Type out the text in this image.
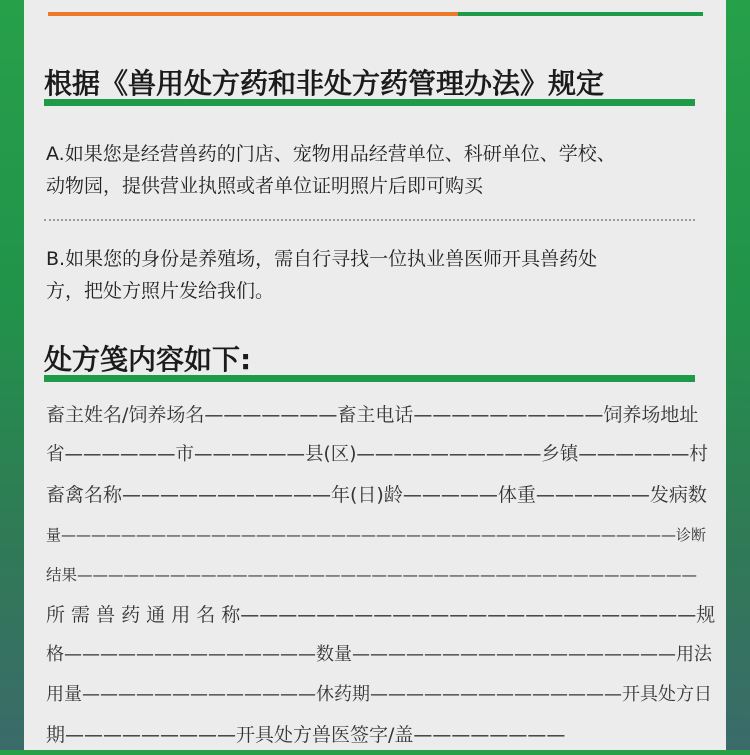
根据《兽用处方药和非处方药管理办法》规定
A.如果您是经营兽药的门店、宠物用品经营单位、科研单位、学校、
动物园，提供营业执照或者单位证明照片后即可购买
B.如果您的身份是养殖场，需自行寻找一位执业兽医师开具兽药处
方，把处方照片发给我们。
处方笺内容如下:
畜主姓名/饲养场名———————畜主电话——————————饲养场地址
省——————市——————县(区)——————————乡镇——————村
畜禽名称———————————年(日)龄—————体重——————发病数
量—————————————————————————————————————————诊断
结果————————————————————————————————————————
所 需 兽 药 通 用 名 称————————————————————————规
格——————————————数量——————————————————用法
用量—————————————休药期——————————————开具处方日
期—————————开具处方兽医签字/盖————————
